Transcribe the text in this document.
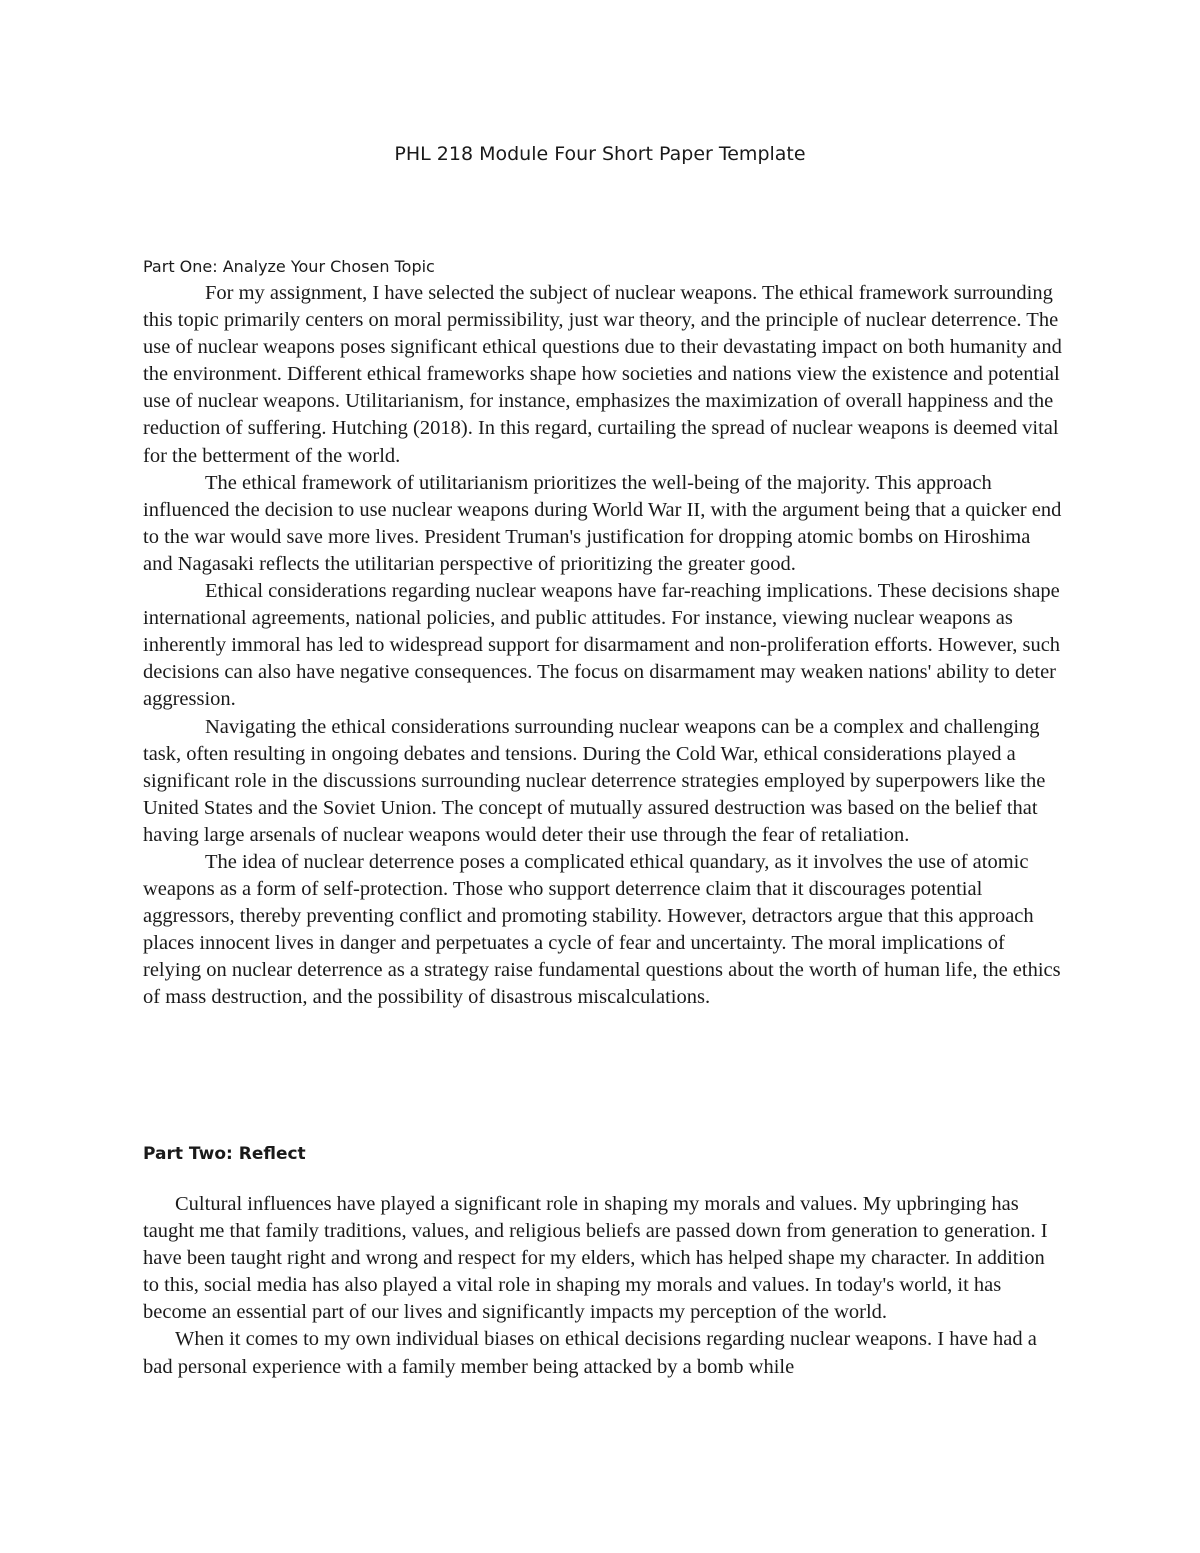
PHL 218 Module Four Short Paper Template

Part One: Analyze Your Chosen Topic

For my assignment, I have selected the subject of nuclear weapons. The ethical framework surrounding this topic primarily centers on moral permissibility, just war theory, and the principle of nuclear deterrence. The use of nuclear weapons poses significant ethical questions due to their devastating impact on both humanity and the environment. Different ethical frameworks shape how societies and nations view the existence and potential use of nuclear weapons. Utilitarianism, for instance, emphasizes the maximization of overall happiness and the reduction of suffering. Hutching (2018). In this regard, curtailing the spread of nuclear weapons is deemed vital for the betterment of the world.

The ethical framework of utilitarianism prioritizes the well-being of the majority. This approach influenced the decision to use nuclear weapons during World War II, with the argument being that a quicker end to the war would save more lives. President Truman's justification for dropping atomic bombs on Hiroshima and Nagasaki reflects the utilitarian perspective of prioritizing the greater good.

Ethical considerations regarding nuclear weapons have far-reaching implications. These decisions shape international agreements, national policies, and public attitudes. For instance, viewing nuclear weapons as inherently immoral has led to widespread support for disarmament and non-proliferation efforts. However, such decisions can also have negative consequences. The focus on disarmament may weaken nations' ability to deter aggression.

Navigating the ethical considerations surrounding nuclear weapons can be a complex and challenging task, often resulting in ongoing debates and tensions. During the Cold War, ethical considerations played a significant role in the discussions surrounding nuclear deterrence strategies employed by superpowers like the United States and the Soviet Union. The concept of mutually assured destruction was based on the belief that having large arsenals of nuclear weapons would deter their use through the fear of retaliation.

The idea of nuclear deterrence poses a complicated ethical quandary, as it involves the use of atomic weapons as a form of self-protection. Those who support deterrence claim that it discourages potential aggressors, thereby preventing conflict and promoting stability. However, detractors argue that this approach places innocent lives in danger and perpetuates a cycle of fear and uncertainty. The moral implications of relying on nuclear deterrence as a strategy raise fundamental questions about the worth of human life, the ethics of mass destruction, and the possibility of disastrous miscalculations.

Part Two: Reflect

Cultural influences have played a significant role in shaping my morals and values. My upbringing has taught me that family traditions, values, and religious beliefs are passed down from generation to generation. I have been taught right and wrong and respect for my elders, which has helped shape my character. In addition to this, social media has also played a vital role in shaping my morals and values. In today's world, it has become an essential part of our lives and significantly impacts my perception of the world.

When it comes to my own individual biases on ethical decisions regarding nuclear weapons. I have had a bad personal experience with a family member being attacked by a bomb while
